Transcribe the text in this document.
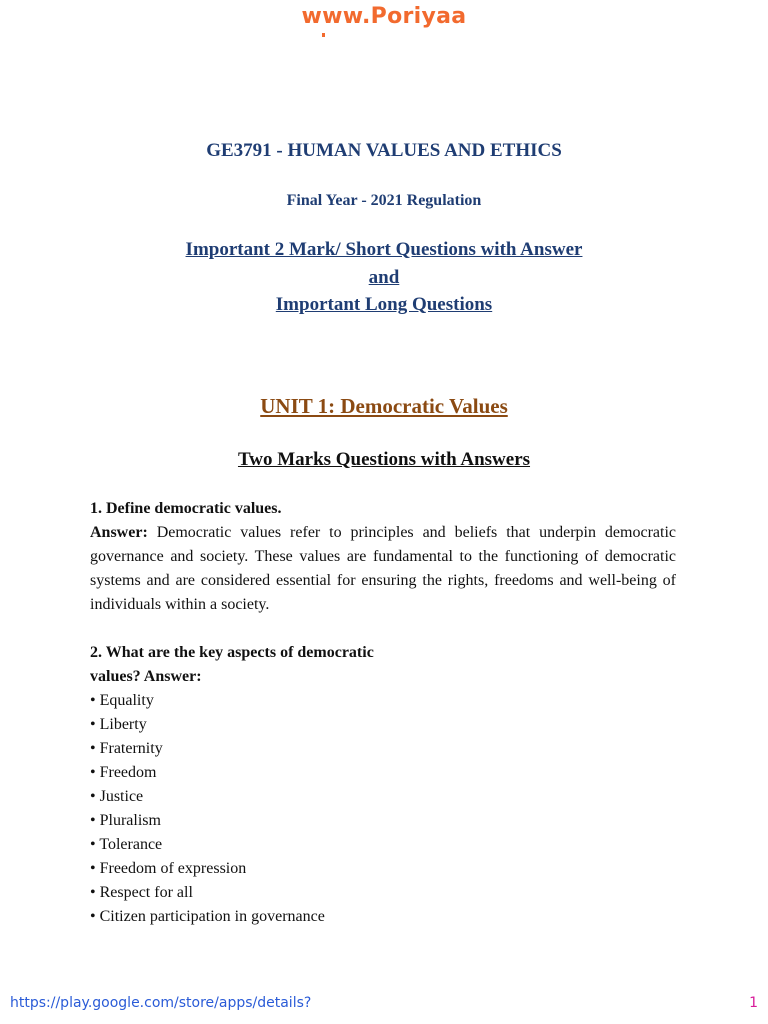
www.Poriyaa
GE3791 - HUMAN VALUES AND ETHICS
Final Year - 2021 Regulation
Important 2 Mark/ Short Questions with Answer
and
Important Long Questions
UNIT 1: Democratic Values
Two Marks Questions with Answers
1. Define democratic values.

Answer: Democratic values refer to principles and beliefs that underpin democratic governance and society. These values are fundamental to the functioning of democratic systems and are considered essential for ensuring the rights, freedoms and well-being of individuals within a society.

2. What are the key aspects of democratic
values? Answer:
• Equality
• Liberty
• Fraternity
• Freedom
• Justice
• Pluralism
• Tolerance
• Freedom of expression
• Respect for all
• Citizen participation in governance
https://play.google.com/store/apps/details?	1
